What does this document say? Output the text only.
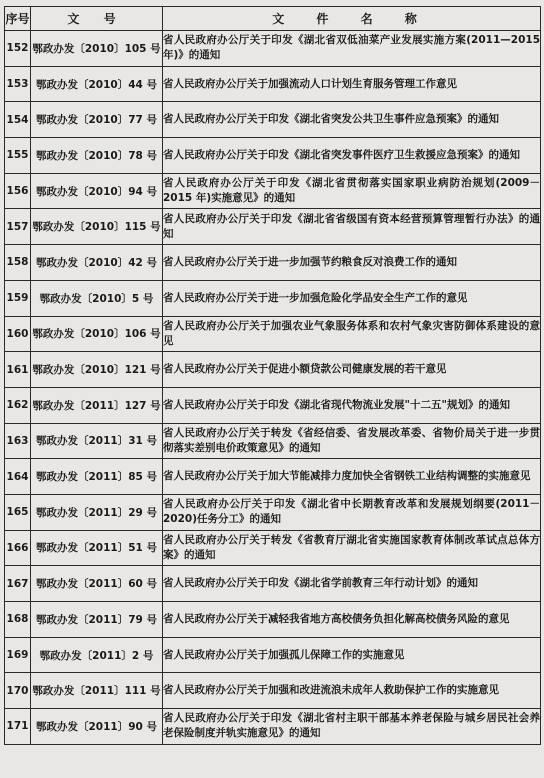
序号	文 号	文 件 名 称
152	鄂政办发〔2010〕105 号	省人民政府办公厅关于印发《湖北省双低油菜产业发展实施方案(2011—2015 年)》的通知
153	鄂政办发〔2010〕44 号	省人民政府办公厅关于加强流动人口计划生育服务管理工作意见
154	鄂政办发〔2010〕77 号	省人民政府办公厅关于印发《湖北省突发公共卫生事件应急预案》的通知
155	鄂政办发〔2010〕78 号	省人民政府办公厅关于印发《湖北省突发事件医疗卫生救援应急预案》的通知
156	鄂政办发〔2010〕94 号	省人民政府办公厅关于印发《湖北省贯彻落实国家职业病防治规划(2009－2015 年)实施意见》的通知
157	鄂政办发〔2010〕115 号	省人民政府办公厅关于印发《湖北省省级国有资本经营预算管理暂行办法》的通知
158	鄂政办发〔2010〕42 号	省人民政府办公厅关于进一步加强节约粮食反对浪费工作的通知
159	鄂政办发〔2010〕5 号	省人民政府办公厅关于进一步加强危险化学品安全生产工作的意见
160	鄂政办发〔2010〕106 号	省人民政府办公厅关于加强农业气象服务体系和农村气象灾害防御体系建设的意见
161	鄂政办发〔2010〕121 号	省人民政府办公厅关于促进小额贷款公司健康发展的若干意见
162	鄂政办发〔2011〕127 号	省人民政府办公厅关于印发《湖北省现代物流业发展"十二五"规划》的通知
163	鄂政办发〔2011〕31 号	省人民政府办公厅关于转发《省经信委、省发展改革委、省物价局关于进一步贯彻落实差别电价政策意见》的通知
164	鄂政办发〔2011〕85 号	省人民政府办公厅关于加大节能减排力度加快全省钢铁工业结构调整的实施意见
165	鄂政办发〔2011〕29 号	省人民政府办公厅关于印发《湖北省中长期教育改革和发展规划纲要(2011－2020)任务分工》的通知
166	鄂政办发〔2011〕51 号	省人民政府办公厅关于转发《省教育厅湖北省实施国家教育体制改革试点总体方案》的通知
167	鄂政办发〔2011〕60 号	省人民政府办公厅关于印发《湖北省学前教育三年行动计划》的通知
168	鄂政办发〔2011〕79 号	省人民政府办公厅关于减轻我省地方高校债务负担化解高校债务风险的意见
169	鄂政办发〔2011〕2 号	省人民政府办公厅关于加强孤儿保障工作的实施意见
170	鄂政办发〔2011〕111 号	省人民政府办公厅关于加强和改进流浪未成年人救助保护工作的实施意见
171	鄂政办发〔2011〕90 号	省人民政府办公厅关于印发《湖北省村主职干部基本养老保险与城乡居民社会养老保险制度并轨实施意见》的通知
